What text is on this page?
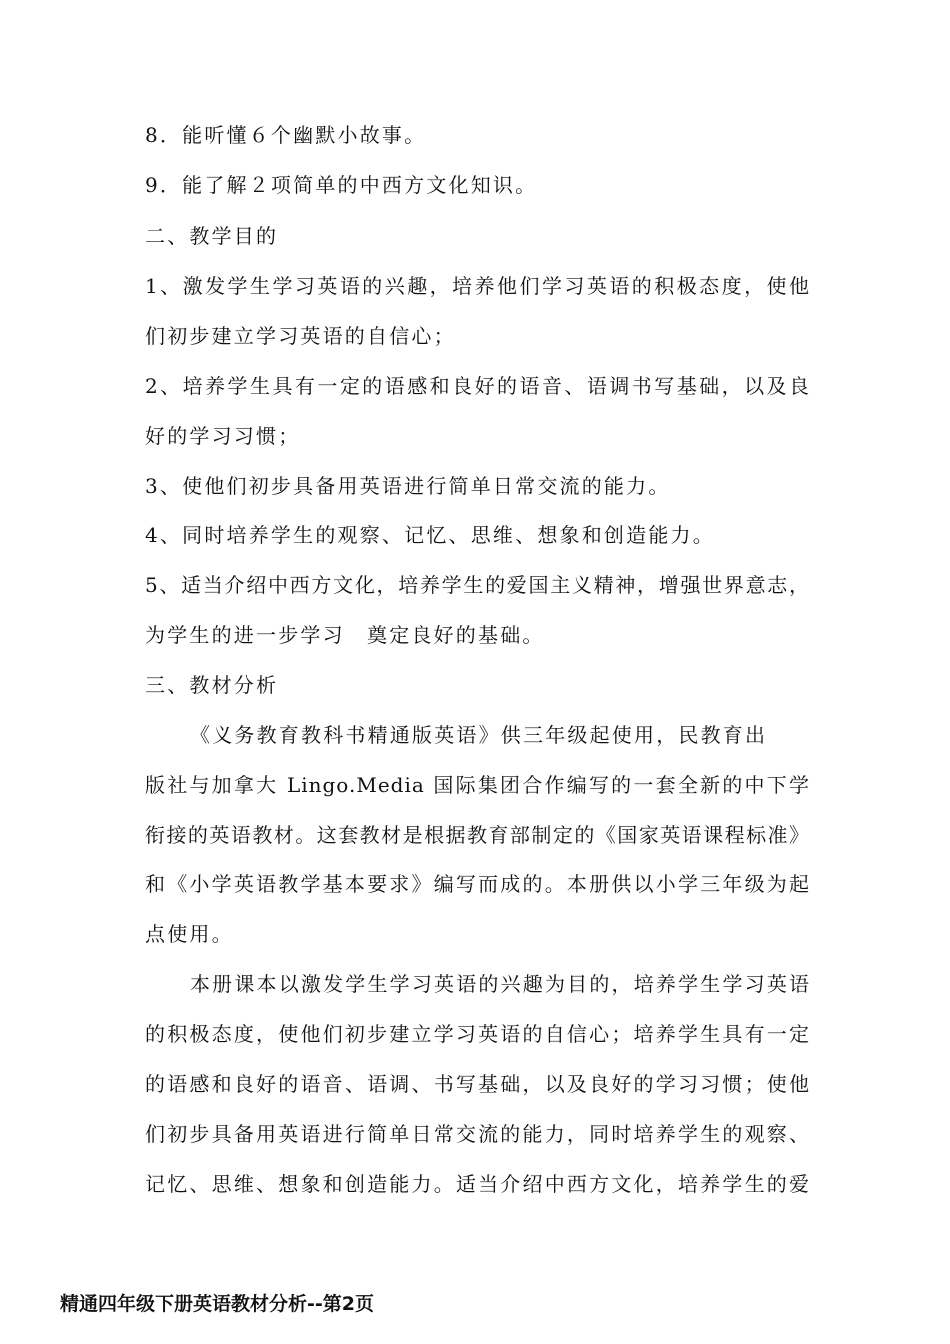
8．能听懂６个幽默小故事。
9．能了解２项简单的中西方文化知识。
二、教学目的
1、激发学生学习英语的兴趣，培养他们学习英语的积极态度，使他
们初步建立学习英语的自信心；
2、培养学生具有一定的语感和良好的语音、语调书写基础，以及良
好的学习习惯；
3、使他们初步具备用英语进行简单日常交流的能力。
4、同时培养学生的观察、记忆、思维、想象和创造能力。
5、适当介绍中西方文化，培养学生的爱国主义精神，增强世界意志，
为学生的进一步学习　奠定良好的基础。
三、教材分析
《义务教育教科书精通版英语》供三年级起使用，民教育出
版社与加拿大 Lingo.Media 国际集团合作编写的一套全新的中下学
衔接的英语教材。这套教材是根据教育部制定的《国家英语课程标准》
和《小学英语教学基本要求》编写而成的。本册供以小学三年级为起
点使用。
本册课本以激发学生学习英语的兴趣为目的，培养学生学习英语
的积极态度，使他们初步建立学习英语的自信心；培养学生具有一定
的语感和良好的语音、语调、书写基础，以及良好的学习习惯；使他
们初步具备用英语进行简单日常交流的能力，同时培养学生的观察、
记忆、思维、想象和创造能力。适当介绍中西方文化，培养学生的爱
精通四年级下册英语教材分析--第2页
